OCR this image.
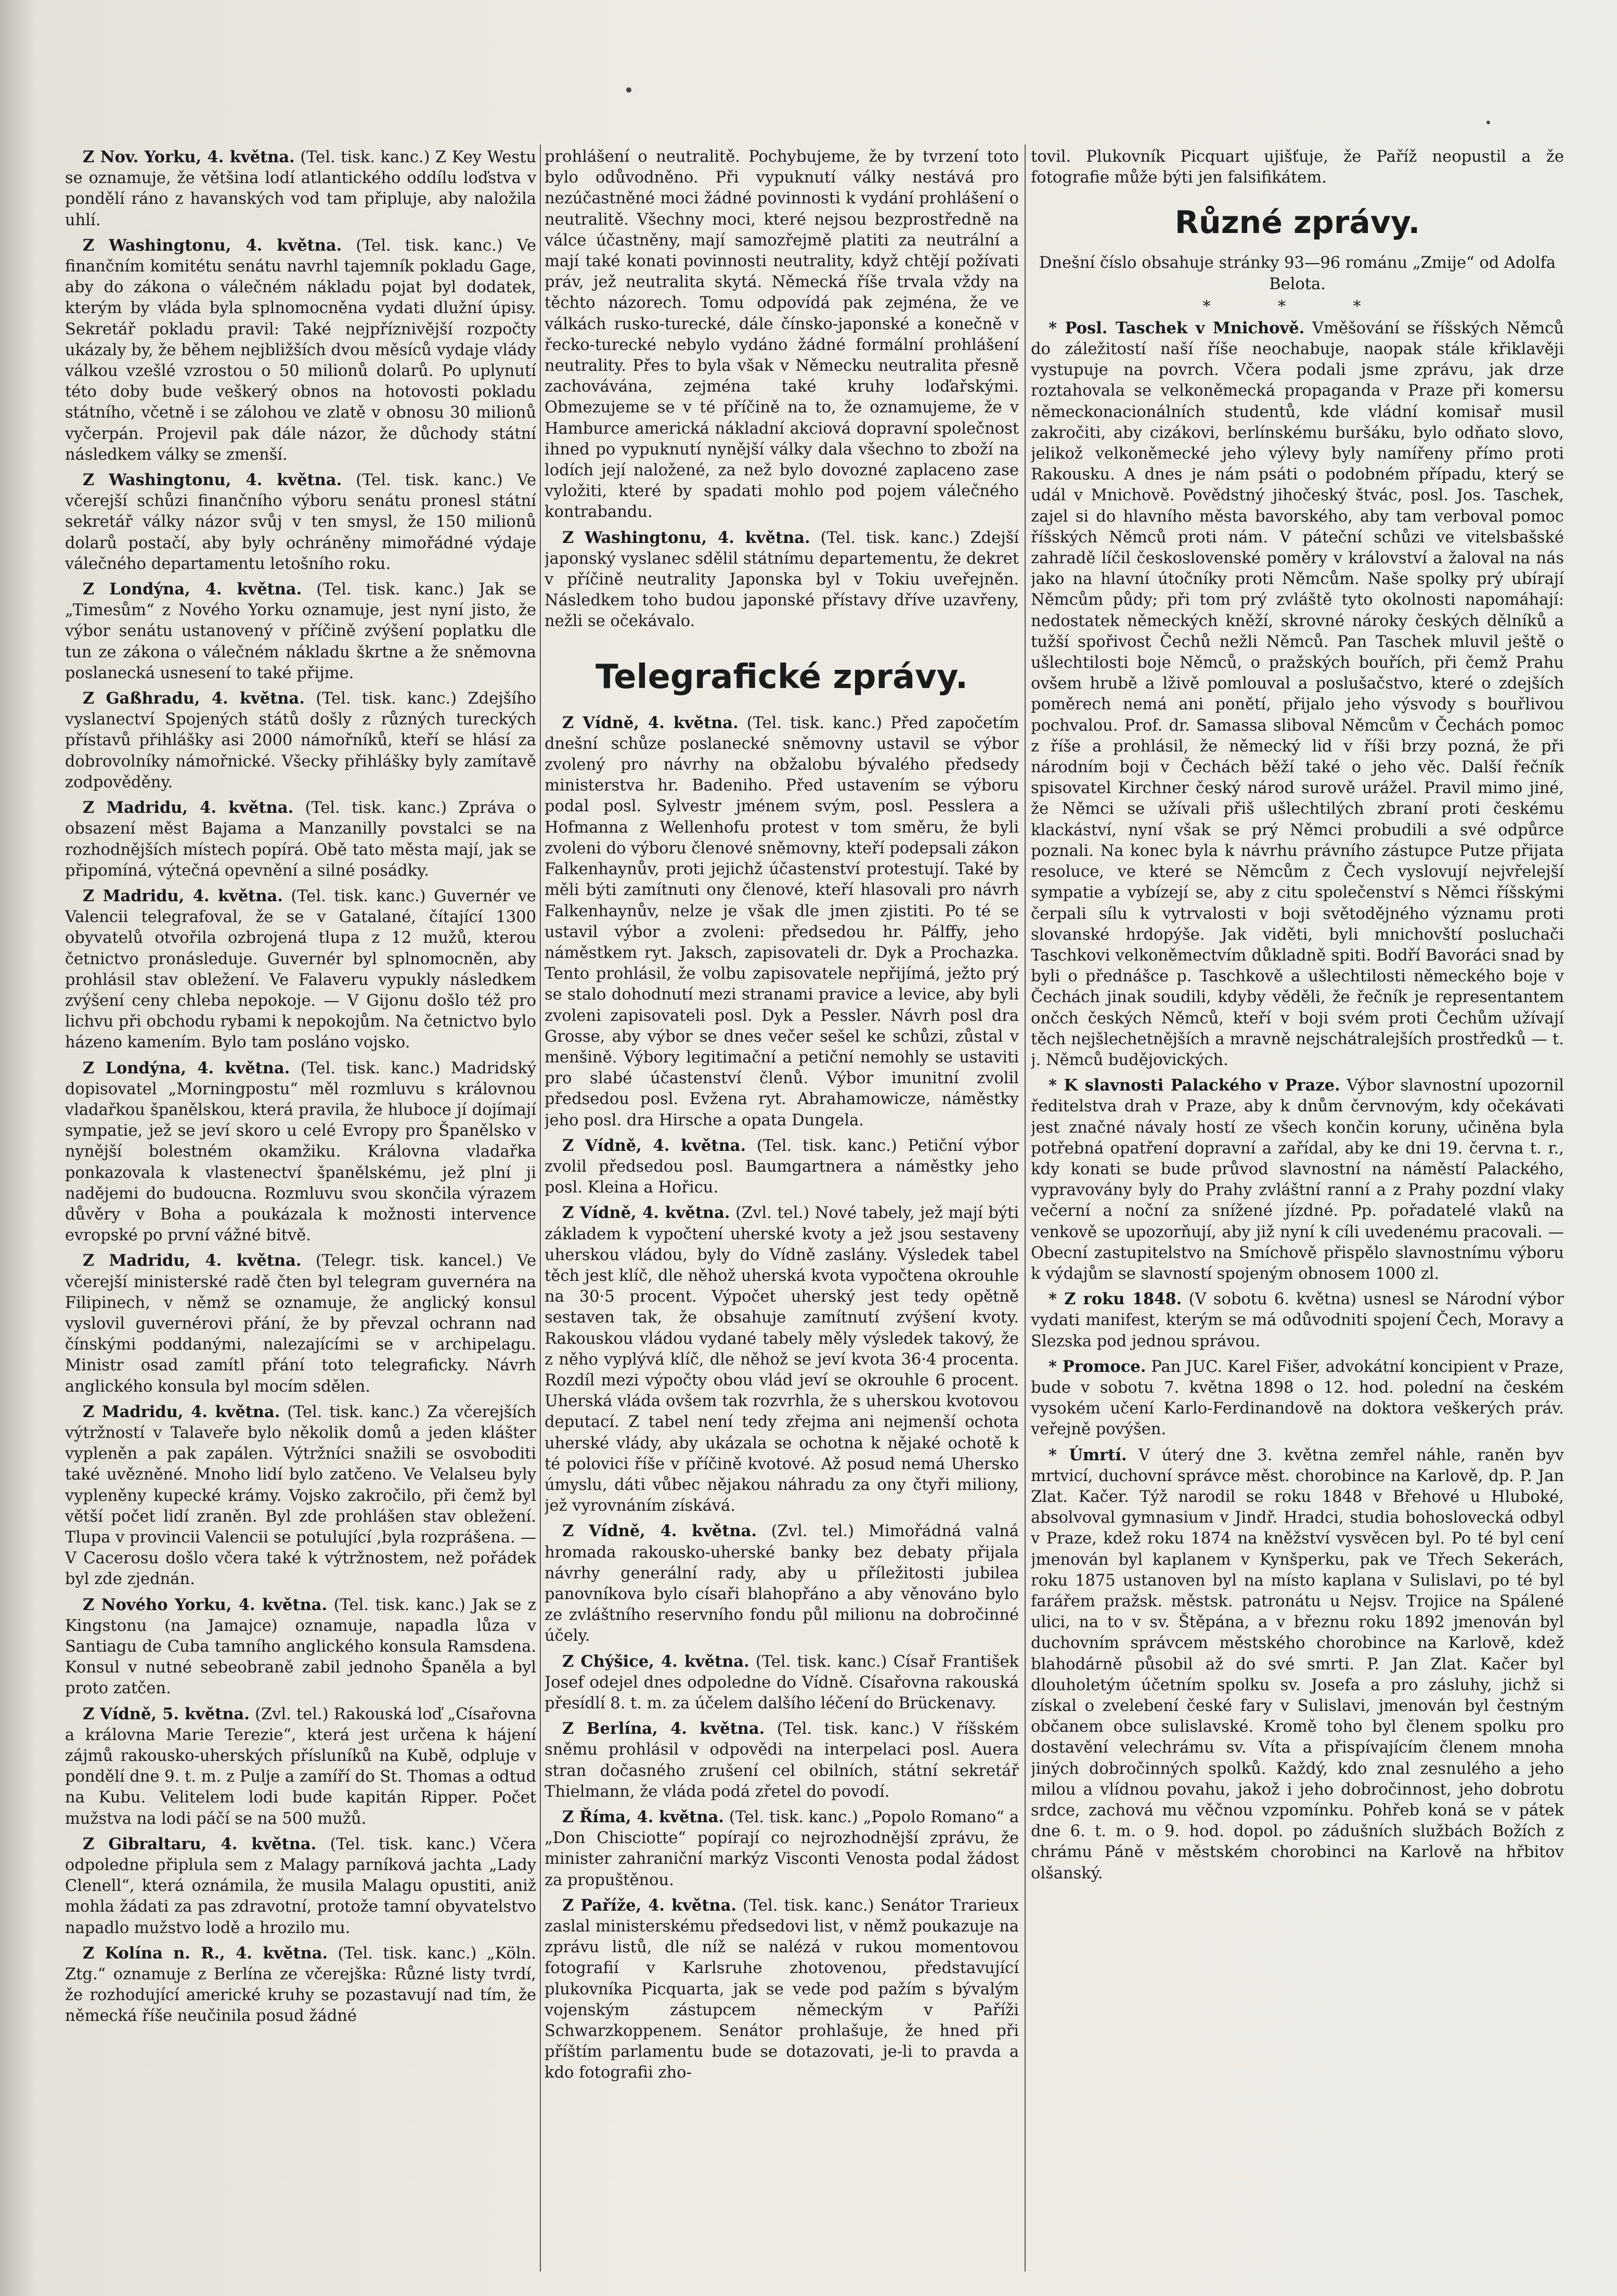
Z Nov. Yorku, 4. května. (Tel. tisk. kanc.) Z Key Westu se oznamuje, že většina lodí atlantického oddílu loďstva v pondělí ráno z havanských vod tam připluje, aby naložila uhlí.

Z Washingtonu, 4. května. (Tel. tisk. kanc.) Ve finančním komitétu senátu navrhl tajemník pokladu Gage, aby do zákona o válečném nákladu pojat byl dodatek, kterým by vláda byla splnomocněna vydati dlužní úpisy. Sekretář pokladu pravil: Také nejpříznivější rozpočty ukázaly by, že během nejbližších dvou měsíců vydaje vlády válkou vzešlé vzrostou o 50 milionů dolarů. Po uplynutí této doby bude veškerý obnos na hotovosti pokladu státního, včetně i se zálohou ve zlatě v obnosu 30 milionů vyčerpán. Projevil pak dále názor, že důchody státní následkem války se zmenší.

Z Washingtonu, 4. května. (Tel. tisk. kanc.) Ve včerejší schůzi finančního výboru senátu pronesl státní sekretář války názor svůj v ten smysl, že 150 milionů dolarů postačí, aby byly ochráněny mimořádné výdaje válečného departamentu letošního roku.

Z Londýna, 4. května. (Tel. tisk. kanc.) Jak se „Timesům“ z Nového Yorku oznamuje, jest nyní jisto, že výbor senátu ustanovený v příčině zvýšení poplatku dle tun ze zákona o válečném nákladu škrtne a že sněmovna poslanecká usnesení to také přijme.

Z Gaßhradu, 4. května. (Tel. tisk. kanc.) Zdejšího vyslanectví Spojených států došly z různých tureckých přístavů přihlášky asi 2000 námořníků, kteří se hlásí za dobrovolníky námořnické. Všecky přihlášky byly zamítavě zodpověděny.

Z Madridu, 4. května. (Tel. tisk. kanc.) Zpráva o obsazení měst Bajama a Manzanilly povstalci se na rozhodnějších místech popírá. Obě tato města mají, jak se připomíná, výtečná opevnění a silné posádky.

Z Madridu, 4. května. (Tel. tisk. kanc.) Guvernér ve Valencii telegrafoval, že se v Gatalané, čítající 1300 obyvatelů otvořila ozbrojená tlupa z 12 mužů, kterou četnictvo pronásleduje. Guvernér byl splnomocněn, aby prohlásil stav obležení. Ve Falaveru vypukly následkem zvýšení ceny chleba nepokoje. — V Gijonu došlo též pro lichvu při obchodu rybami k nepokojům. Na četnictvo bylo házeno kamením. Bylo tam posláno vojsko.

Z Londýna, 4. května. (Tel. tisk. kanc.) Madridský dopisovatel „Morningpostu“ měl rozmluvu s královnou vladařkou španělskou, která pravila, že hluboce jí dojímají sympatie, jež se jeví skoro u celé Evropy pro Španělsko v nynější bolestném okamžiku. Královna vladařka ponkazovala k vlastenectví španělskému, jež plní ji nadějemi do budoucna. Rozmluvu svou skončila výrazem důvěry v Boha a poukázala k možnosti intervence evropské po první vážné bitvě.

Z Madridu, 4. května. (Telegr. tisk. kancel.) Ve včerejší ministerské radě čten byl telegram guvernéra na Filipinech, v němž se oznamuje, že anglický konsul vyslovil guvernérovi přání, že by převzal ochrann nad čínskými poddanými, nalezajícími se v archipelagu. Ministr osad zamítl přání toto telegraficky. Návrh anglického konsula byl mocím sdělen.

Z Madridu, 4. května. (Tel. tisk. kanc.) Za včerejších výtržností v Talaveře bylo několik domů a jeden klášter vypleněn a pak zapálen. Výtržníci snažili se osvoboditi také uvězněné. Mnoho lidí bylo zatčeno. Ve Velalseu byly vypleněny kupecké krámy. Vojsko zakročilo, při čemž byl větší počet lidí zraněn. Byl zde prohlášen stav obležení. Tlupa v provincii Valencii se potulující ,byla rozprášena. — V Cacerosu došlo včera také k výtržnostem, než pořádek byl zde zjednán.

Z Nového Yorku, 4. května. (Tel. tisk. kanc.) Jak se z Kingstonu (na Jamajce) oznamuje, napadla lůza v Santiagu de Cuba tamního anglického konsula Ramsdena. Konsul v nutné sebeobraně zabil jednoho Španěla a byl proto zatčen.

Z Vídně, 5. května. (Zvl. tel.) Rakouská loď „Císařovna a královna Marie Terezie“, která jest určena k hájení zájmů rakousko-uherských přísluníků na Kubě, odpluje v pondělí dne 9. t. m. z Pulje a zamíří do St. Thomas a odtud na Kubu. Velitelem lodi bude kapitán Ripper. Počet mužstva na lodi páčí se na 500 mužů.

Z Gibraltaru, 4. května. (Tel. tisk. kanc.) Včera odpoledne připlula sem z Malagy parníková jachta „Lady Clenell“, která oznámila, že musila Malagu opustiti, aniž mohla žádati za pas zdravotní, protože tamní obyvatelstvo napadlo mužstvo lodě a hrozilo mu.

Z Kolína n. R., 4. května. (Tel. tisk. kanc.) „Köln. Ztg.“ oznamuje z Berlína ze včerejška: Různé listy tvrdí, že rozhodující americké kruhy se pozastavují nad tím, že německá říše neučinila posud žádné

prohlášení o neutralitě. Pochybujeme, že by tvrzení toto bylo odůvodněno. Při vypuknutí války nestává pro nezúčastněné moci žádné povinnosti k vydání prohlášení o neutralitě. Všechny moci, které nejsou bezprostředně na válce účastněny, mají samozřejmě platiti za neutrální a mají také konati povinnosti neutrality, když chtějí požívati práv, jež neutralita skytá. Německá říše trvala vždy na těchto názorech. Tomu odpovídá pak zejména, že ve válkách rusko-turecké, dále čínsko-japonské a konečně v řecko-turecké nebylo vydáno žádné formální prohlášení neutrality. Přes to byla však v Německu neutralita přesně zachovávána, zejména také kruhy loďařskými. Obmezujeme se v té příčině na to, že oznamujeme, že v Hamburce americká nákladní akciová dopravní společnost ihned po vypuknutí nynější války dala všechno to zboží na lodích její naložené, za než bylo dovozné zaplaceno zase vyložiti, které by spadati mohlo pod pojem válečného kontrabandu.

Z Washingtonu, 4. května. (Tel. tisk. kanc.) Zdejší japonský vyslanec sdělil státnímu departementu, že dekret v příčině neutrality Japonska byl v Tokiu uveřejněn. Následkem toho budou japonské přístavy dříve uzavřeny, nežli se očekávalo.

Telegrafické zprávy.

Z Vídně, 4. května. (Tel. tisk. kanc.) Před započetím dnešní schůze poslanecké sněmovny ustavil se výbor zvolený pro návrhy na obžalobu bývalého předsedy ministerstva hr. Badeniho. Před ustavením se výboru podal posl. Sylvestr jménem svým, posl. Pesslera a Hofmanna z Wellenhofu protest v tom směru, že byli zvoleni do výboru členové sněmovny, kteří podepsali zákon Falkenhaynův, proti jejichž účastenství protestují. Také by měli býti zamítnuti ony členové, kteří hlasovali pro návrh Falkenhaynův, nelze je však dle jmen zjistiti. Po té se ustavil výbor a zvoleni: předsedou hr. Pálffy, jeho náměstkem ryt. Jaksch, zapisovateli dr. Dyk a Prochazka. Tento prohlásil, že volbu zapisovatele nepřijímá, ježto prý se stalo dohodnutí mezi stranami pravice a levice, aby byli zvoleni zapisovateli posl. Dyk a Pessler. Návrh posl dra Grosse, aby výbor se dnes večer sešel ke schůzi, zůstal v menšině. Výbory legitimační a petiční nemohly se ustaviti pro slabé účastenství členů. Výbor imunitní zvolil předsedou posl. Evžena ryt. Abrahamowicze, náměstky jeho posl. dra Hirsche a opata Dungela.

Z Vídně, 4. května. (Tel. tisk. kanc.) Petiční výbor zvolil předsedou posl. Baumgartnera a náměstky jeho posl. Kleina a Hořicu.

Z Vídně, 4. května. (Zvl. tel.) Nové tabely, jež mají býti základem k vypočtení uherské kvoty a jež jsou sestaveny uherskou vládou, byly do Vídně zaslány. Výsledek tabel těch jest klíč, dle něhož uherská kvota vypočtena okrouhle na 30·5 procent. Výpočet uherský jest tedy opětně sestaven tak, že obsahuje zamítnutí zvýšení kvoty. Rakouskou vládou vydané tabely měly výsledek takový, že z něho vyplývá klíč, dle něhož se jeví kvota 36·4 procenta. Rozdíl mezi výpočty obou vlád jeví se okrouhle 6 procent. Uherská vláda ovšem tak rozvrhla, že s uherskou kvotovou deputací. Z tabel není tedy zřejma ani nejmenší ochota uherské vlády, aby ukázala se ochotna k nějaké ochotě k té polovici říše v příčině kvotové. Až posud nemá Uhersko úmyslu, dáti vůbec nějakou náhradu za ony čtyři miliony, jež vyrovnáním získává.

Z Vídně, 4. května. (Zvl. tel.) Mimořádná valná hromada rakousko-uherské banky bez debaty přijala návrhy generální rady, aby u příležitosti jubilea panovníkova bylo císaři blahopřáno a aby věnováno bylo ze zvláštního reservního fondu půl milionu na dobročinné účely.

Z Chýšice, 4. května. (Tel. tisk. kanc.) Císař František Josef odejel dnes odpoledne do Vídně. Císařovna rakouská přesídlí 8. t. m. za účelem dalšího léčení do Brückenavy.

Z Berlína, 4. května. (Tel. tisk. kanc.) V říšském sněmu prohlásil v odpovědi na interpelaci posl. Auera stran dočasného zrušení cel obilních, státní sekretář Thielmann, že vláda podá zřetel do povodí.

Z Říma, 4. května. (Tel. tisk. kanc.) „Popolo Romano“ a „Don Chisciotte“ popírají co nejrozhodnější zprávu, že minister zahraniční markýz Visconti Venosta podal žádost za propuštěnou.

Z Paříže, 4. května. (Tel. tisk. kanc.) Senátor Trarieux zaslal ministerskému předsedovi list, v němž poukazuje na zprávu listů, dle níž se nalézá v rukou momentovou fotografií v Karlsruhe zhotovenou, představující plukovníka Picquarta, jak se vede pod pažím s bývalým vojenským zástupcem německým v Paříži Schwarzkoppenem. Senátor prohlašuje, že hned při příštím parlamentu bude se dotazovati, je-li to pravda a kdo fotografii zho-

tovil. Plukovník Picquart ujišťuje, že Paříž neopustil a že fotografie může býti jen falsifikátem.

Různé zprávy.

Dnešní číslo obsahuje stránky 93—96 románu „Zmije“ od Adolfa Belota.

* * *

* Posl. Taschek v Mnichově. Vměšování se říšských Němců do záležitostí naší říše neochabuje, naopak stále křiklavěji vystupuje na povrch. Včera podali jsme zprávu, jak drze roztahovala se velkoněmecká propaganda v Praze při komersu německonacionálních studentů, kde vládní komisař musil zakročiti, aby cizákovi, berlínskému buršáku, bylo odňato slovo, jelikož velkoněmecké jeho výlevy byly namířeny přímo proti Rakousku. A dnes je nám psáti o podobném případu, který se udál v Mnichově. Povědstný jihočeský štvác, posl. Jos. Taschek, zajel si do hlavního města bavorského, aby tam verboval pomoc říšských Němců proti nám. V páteční schůzi ve vitelsbašské zahradě líčil československé poměry v království a žaloval na nás jako na hlavní útočníky proti Němcům. Naše spolky prý ubírají Němcům půdy; při tom prý zvláště tyto okolnosti napomáhají: nedostatek německých kněží, skrovné nároky českých dělníků a tužší spořivost Čechů nežli Němců. Pan Taschek mluvil ještě o ušlechtilosti boje Němců, o pražských bouřích, při čemž Prahu ovšem hrubě a lživě pomlouval a poslušačstvo, které o zdejších poměrech nemá ani ponětí, přijalo jeho výsvody s bouřlivou pochvalou. Prof. dr. Samassa sliboval Němcům v Čechách pomoc z říše a prohlásil, že německý lid v říši brzy pozná, že při národním boji v Čechách běží také o jeho věc. Další řečník spisovatel Kirchner český národ surově urážel. Pravil mimo jiné, že Němci se užívali přiš ušlechtilých zbraní proti českému klackáství, nyní však se prý Němci probudili a své odpůrce poznali. Na konec byla k návrhu právního zástupce Putze přijata resoluce, ve které se Němcům z Čech vyslovují nejvřelejší sympatie a vybízejí se, aby z citu společenství s Němci říšskými čerpali sílu k vytrvalosti v boji světodějného významu proti slovanské hrdopýše. Jak viděti, byli mnichovští posluchači Taschkovi velkoněmectvím důkladně spiti. Bodří Bavoráci snad by byli o přednášce p. Taschkově a ušlechtilosti německého boje v Čechách jinak soudili, kdyby věděli, že řečník je representantem ončch českých Němců, kteří v boji svém proti Čechům užívají těch nejšlechetnějších a mravně nejschátralejších prostředků — t. j. Němců budějovických.

* K slavnosti Palackého v Praze. Výbor slavnostní upozornil ředitelstva drah v Praze, aby k dnům červnovým, kdy očekávati jest značné návaly hostí ze všech končin koruny, učiněna byla potřebná opatření dopravní a zařídal, aby ke dni 19. června t. r., kdy konati se bude průvod slavnostní na náměstí Palackého, vypravovány byly do Prahy zvláštní ranní a z Prahy pozdní vlaky večerní a noční za snížené jízdné. Pp. pořadatelé vlaků na venkově se upozorňují, aby již nyní k cíli uvedenému pracovali. — Obecní zastupitelstvo na Smíchově přispělo slavnostnímu výboru k výdajům se slavností spojeným obnosem 1000 zl.

* Z roku 1848. (V sobotu 6. května) usnesl se Národní výbor vydati manifest, kterým se má odůvodniti spojení Čech, Moravy a Slezska pod jednou správou.

* Promoce. Pan JUC. Karel Fišer, advokátní koncipient v Praze, bude v sobotu 7. května 1898 o 12. hod. polední na českém vysokém učení Karlo-Ferdinandově na doktora veškerých práv. veřejně povýšen.

* Úmrtí. V úterý dne 3. května zemřel náhle, raněn byv mrtvicí, duchovní správce měst. chorobince na Karlově, dp. P. Jan Zlat. Kačer. Týž narodil se roku 1848 v Břehové u Hluboké, absolvoval gymnasium v Jindř. Hradci, studia bohoslovecká odbyl v Praze, kdež roku 1874 na kněžství vysvěcen byl. Po té byl cení jmenován byl kaplanem v Kynšperku, pak ve Třech Sekerách, roku 1875 ustanoven byl na místo kaplana v Sulislavi, po té byl farářem pražsk. městsk. patronátu u Nejsv. Trojice na Spálené ulici, na to v sv. Štěpána, a v březnu roku 1892 jmenován byl duchovním správcem městského chorobince na Karlově, kdež blahodárně působil až do své smrti. P. Jan Zlat. Kačer byl dlouholetým účetním spolku sv. Josefa a pro zásluhy, jichž si získal o zvelebení české fary v Sulislavi, jmenován byl čestným občanem obce sulislavské. Kromě toho byl členem spolku pro dostavění velechrámu sv. Víta a přispívajícím členem mnoha jiných dobročinných spolků. Každý, kdo znal zesnulého a jeho milou a vlídnou povahu, jakož i jeho dobročinnost, jeho dobrotu srdce, zachová mu věčnou vzpomínku. Pohřeb koná se v pátek dne 6. t. m. o 9. hod. dopol. po zádušních službách Božích z chrámu Páně v městském chorobinci na Karlově na hřbitov olšanský.
